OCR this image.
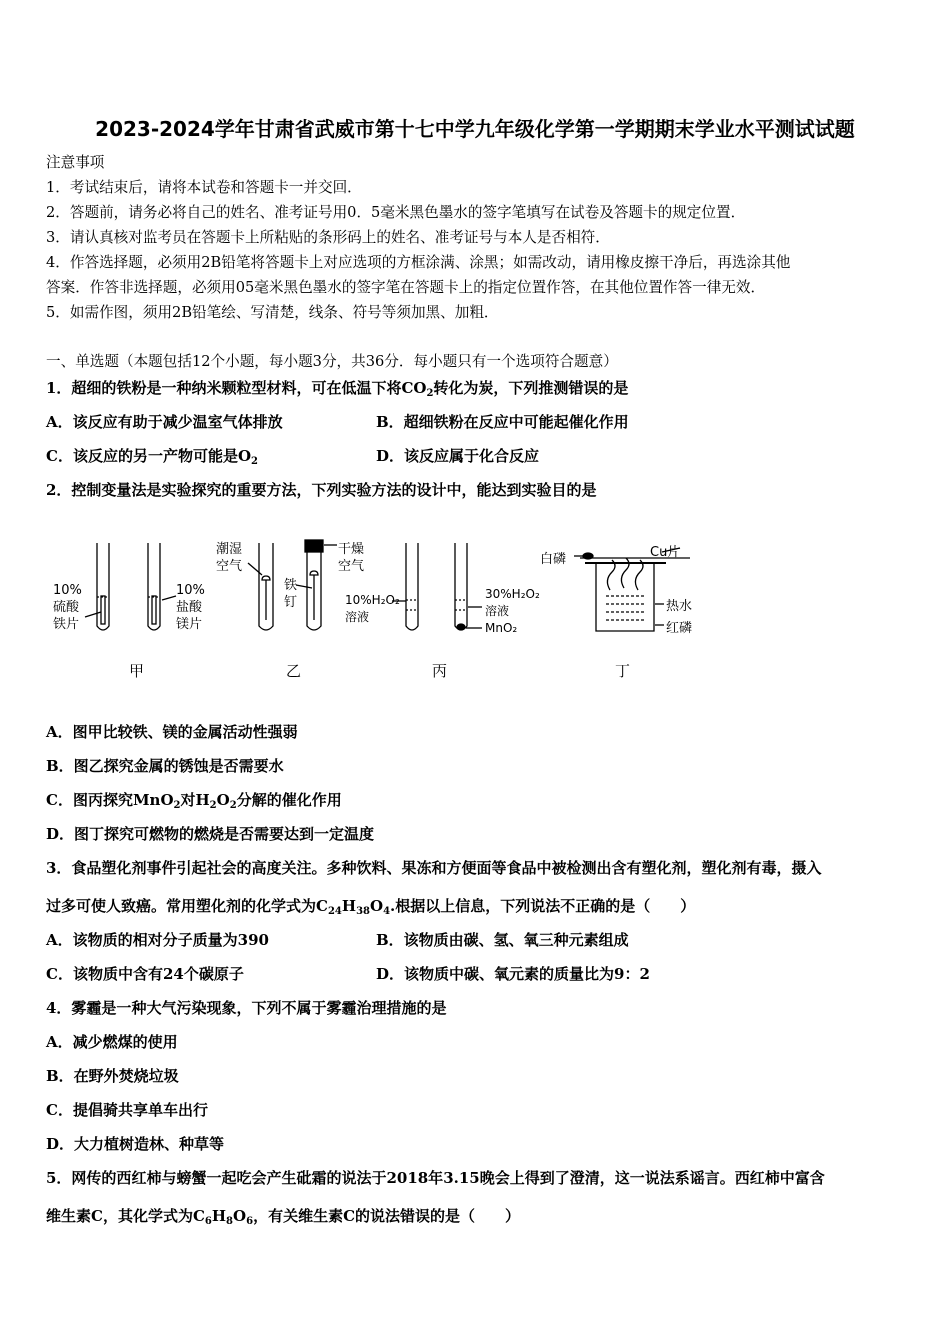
2023-2024学年甘肃省武威市第十七中学九年级化学第一学期期末学业水平测试试题
注意事项
1．考试结束后，请将本试卷和答题卡一并交回．
2．答题前，请务必将自己的姓名、准考证号用0．5毫米黑色墨水的签字笔填写在试卷及答题卡的规定位置．
3．请认真核对监考员在答题卡上所粘贴的条形码上的姓名、准考证号与本人是否相符．
4．作答选择题，必须用2B铅笔将答题卡上对应选项的方框涂满、涂黑；如需改动，请用橡皮擦干净后，再选涂其他
答案．作答非选择题，必须用05毫米黑色墨水的签字笔在答题卡上的指定位置作答，在其他位置作答一律无效．
5．如需作图，须用2B铅笔绘、写清楚，线条、符号等须加黑、加粗．
一、单选题（本题包括12个小题，每小题3分，共36分．每小题只有一个选项符合题意）
1．超细的铁粉是一种纳米颗粒型材料，可在低温下将$CO_2$转化为炭，下列推测错误的是
A．该反应有助于减少温室气体排放	B．超细铁粉在反应中可能起催化作用
C．该反应的另一产物可能是$O_2$	D．该反应属于化合反应
2．控制变量法是实验探究的重要方法，下列实验方法的设计中，能达到实验目的是
10%
硫酸
铁片
10%
盐酸
镁片
潮湿
空气
干燥
空气
铁
钉	10%H₂O₂
溶液
30%H₂O₂
溶液
MnO₂
白磷	Cu片
热水
红磷
甲	乙	丙	丁
A．图甲比较铁、镁的金属活动性强弱
B．图乙探究金属的锈蚀是否需要水
C．图丙探究MnO$_2$对$H_2O_2$分解的催化作用
D．图丁探究可燃物的燃烧是否需要达到一定温度
3．食品塑化剂事件引起社会的高度关注。多种饮料、果冻和方便面等食品中被检测出含有塑化剂，塑化剂有毒，摄入
过多可使人致癌。常用塑化剂的化学式为$C_{24}H_{38}O_4$.根据以上信息，下列说法不正确的是（　　）
A．该物质的相对分子质量为390	B．该物质由碳、氢、氧三种元素组成
C．该物质中含有24个碳原子	D．该物质中碳、氧元素的质量比为9：2
4．雾霾是一种大气污染现象，下列不属于雾霾治理措施的是
A．减少燃煤的使用
B．在野外焚烧垃圾
C．提倡骑共享单车出行
D．大力植树造林、种草等
5．网传的西红柿与螃蟹一起吃会产生砒霜的说法于2018年3.15晚会上得到了澄清，这一说法系谣言。西红柿中富含
维生素C，其化学式为$C_6H_8O_6$，有关维生素C的说法错误的是（　　）
